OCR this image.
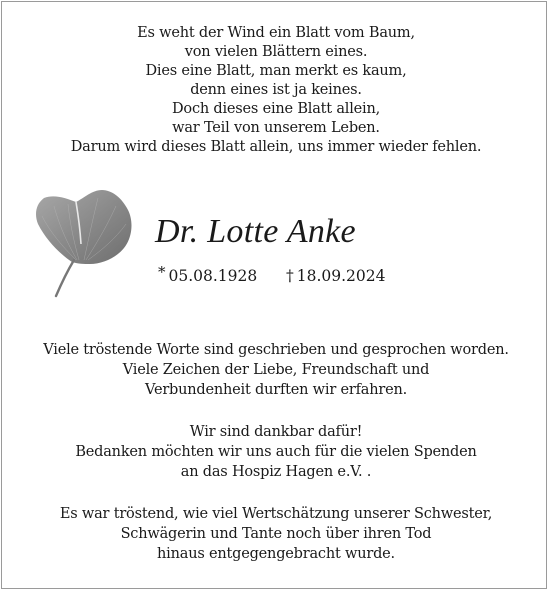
Es weht der Wind ein Blatt vom Baum,
von vielen Blättern eines.
Dies eine Blatt, man merkt es kaum,
denn eines ist ja keines.
Doch dieses eine Blatt allein,
war Teil von unserem Leben.
Darum wird dieses Blatt allein, uns immer wieder fehlen.
Dr. Lotte Anke
* 05.08.1928 † 18.09.2024
Viele tröstende Worte sind geschrieben und gesprochen worden.
Viele Zeichen der Liebe, Freundschaft und
Verbundenheit durften wir erfahren.
Wir sind dankbar dafür!
Bedanken möchten wir uns auch für die vielen Spenden
an das Hospiz Hagen e.V. .
Es war tröstend, wie viel Wertschätzung unserer Schwester,
Schwägerin und Tante noch über ihren Tod
hinaus entgegengebracht wurde.
